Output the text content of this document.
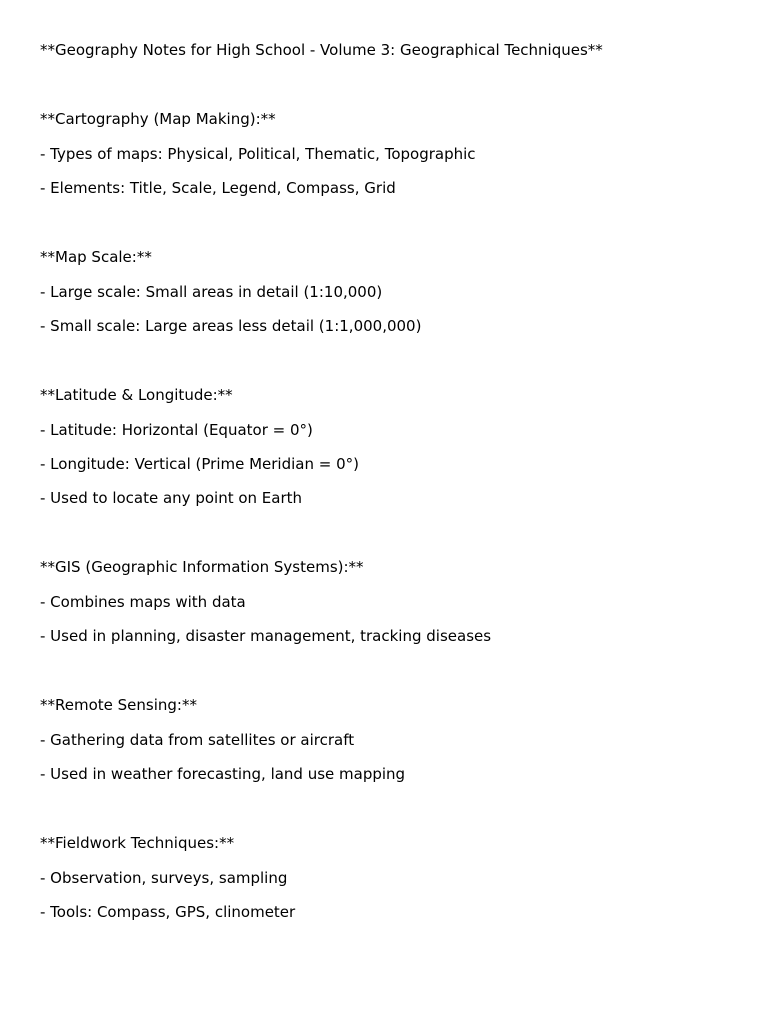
**Geography Notes for High School - Volume 3: Geographical Techniques**

**Cartography (Map Making):**

- Types of maps: Physical, Political, Thematic, Topographic

- Elements: Title, Scale, Legend, Compass, Grid

**Map Scale:**

- Large scale: Small areas in detail (1:10,000)

- Small scale: Large areas less detail (1:1,000,000)

**Latitude & Longitude:**

- Latitude: Horizontal (Equator = 0°)

- Longitude: Vertical (Prime Meridian = 0°)

- Used to locate any point on Earth

**GIS (Geographic Information Systems):**

- Combines maps with data

- Used in planning, disaster management, tracking diseases

**Remote Sensing:**

- Gathering data from satellites or aircraft

- Used in weather forecasting, land use mapping

**Fieldwork Techniques:**

- Observation, surveys, sampling

- Tools: Compass, GPS, clinometer
